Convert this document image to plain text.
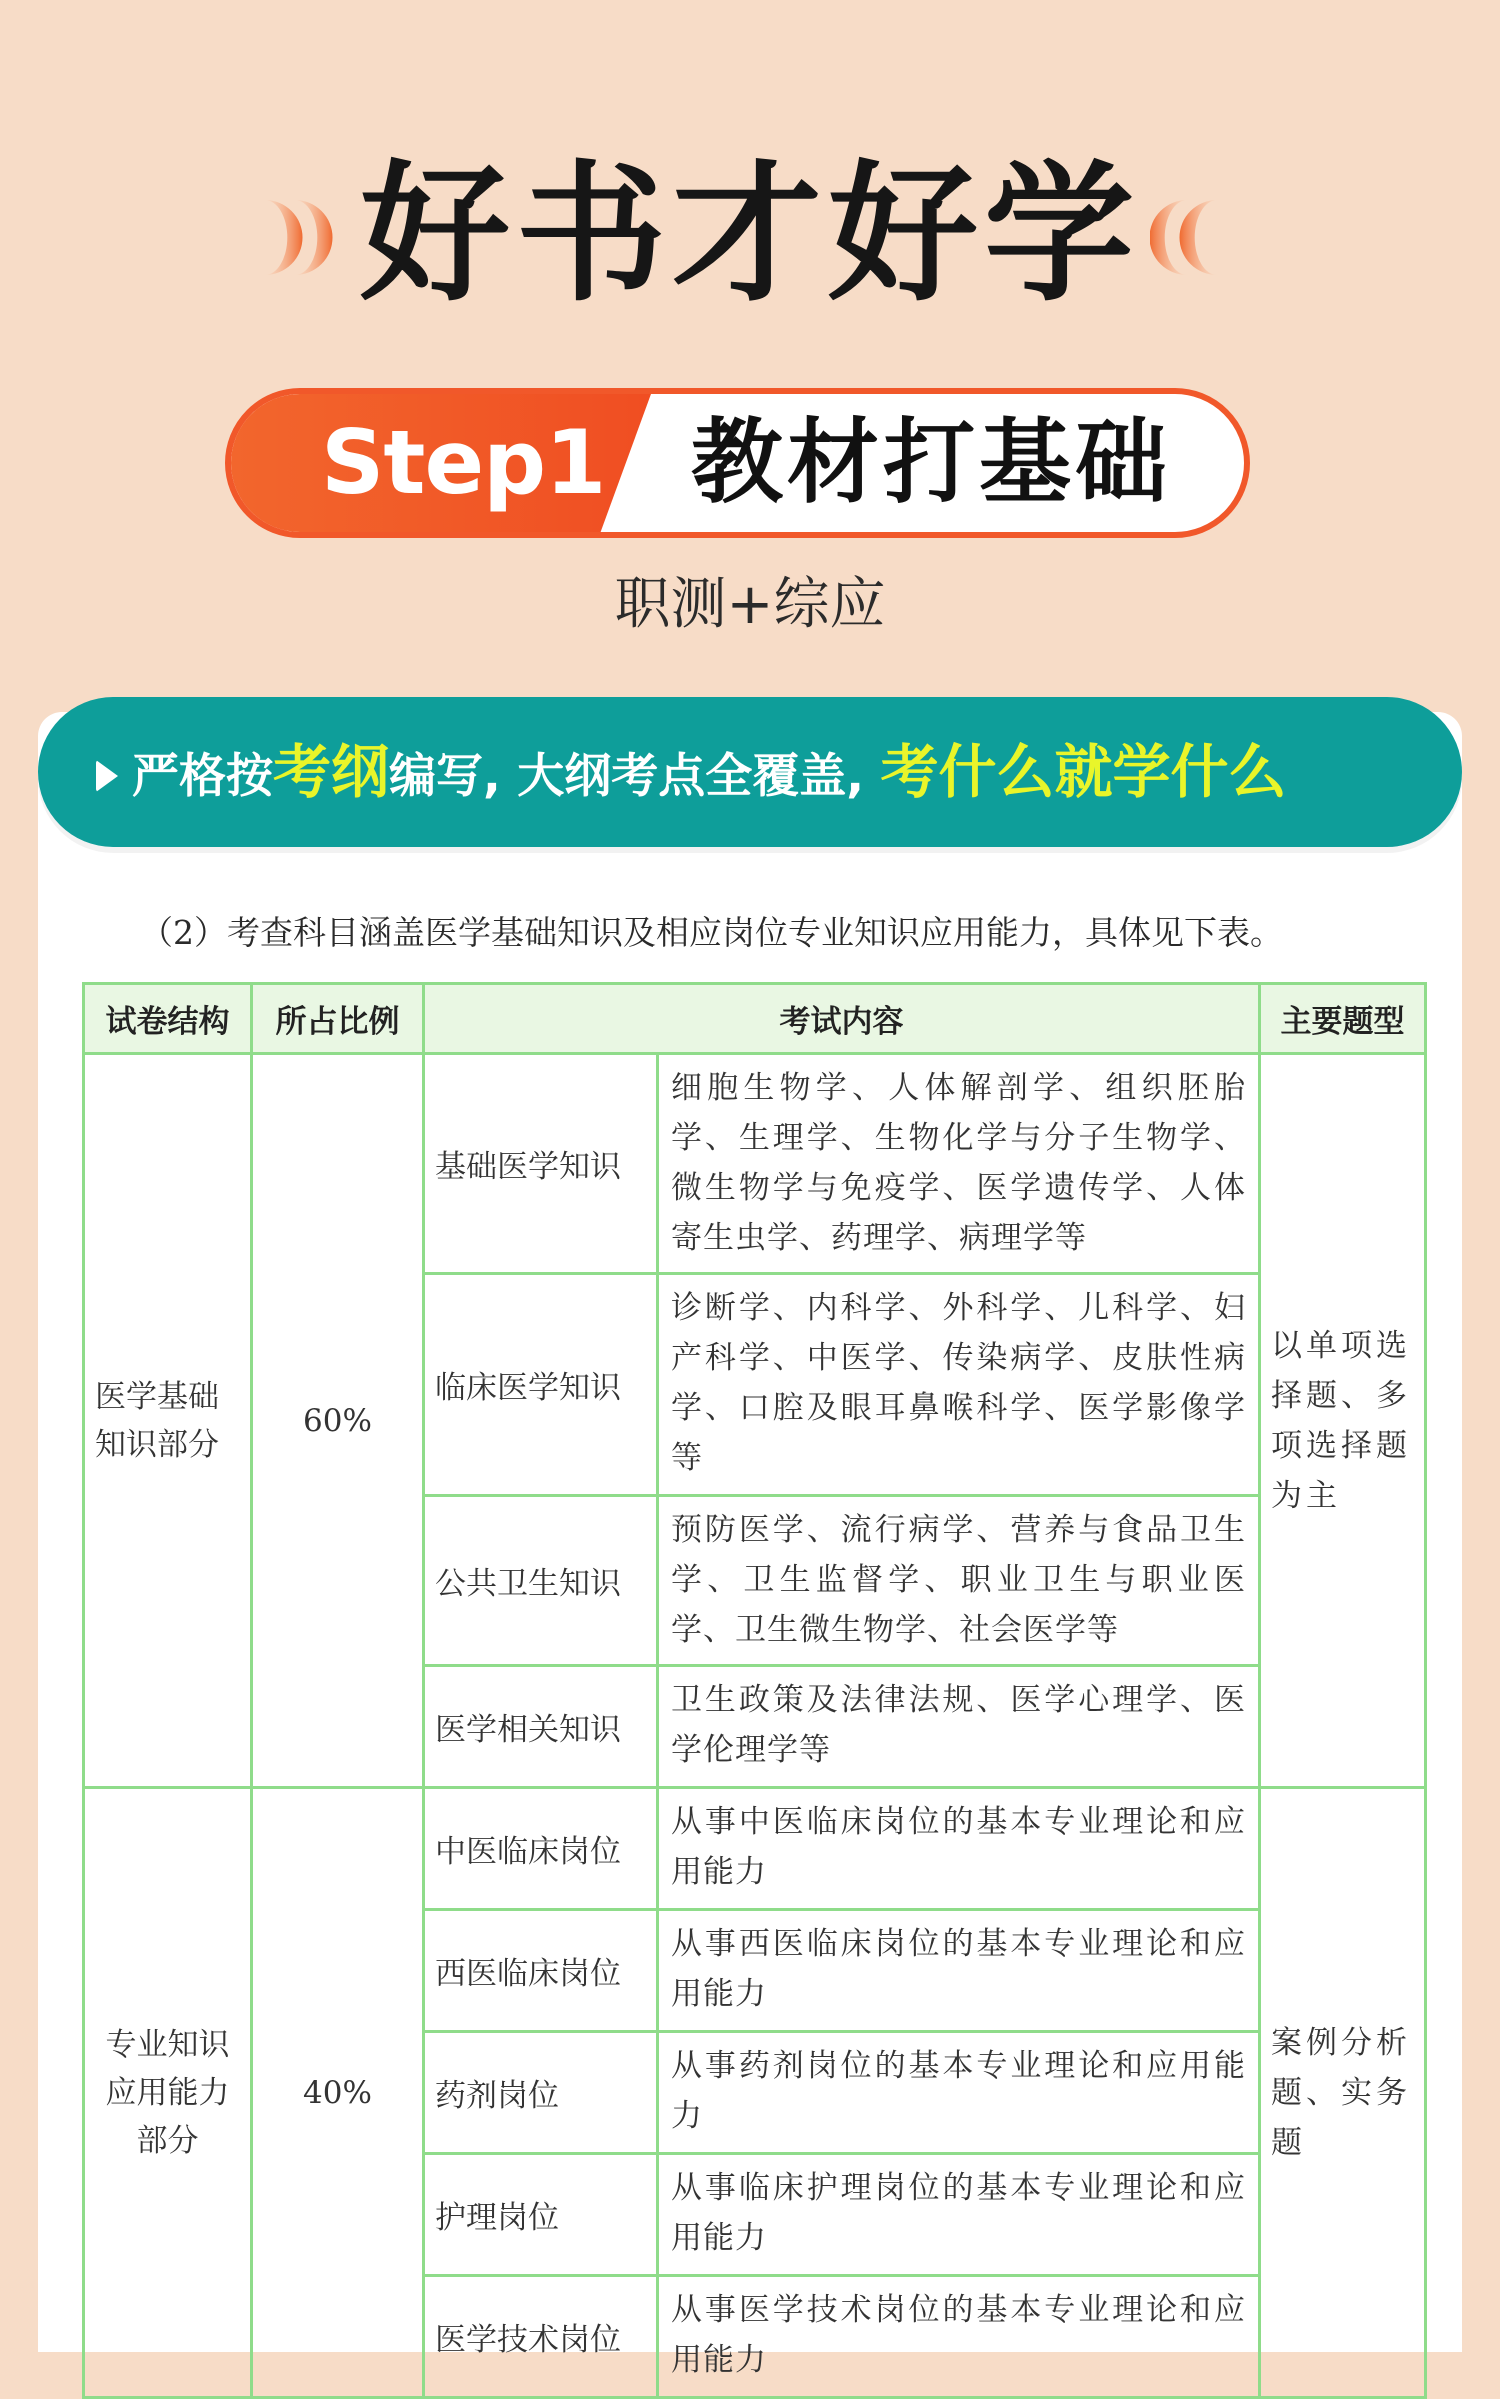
好书才好学
Step1 教材打基础
职测+综应
严格按考纲编写, 大纲考点全覆盖, 考什么就学什么
（2）考查科目涵盖医学基础知识及相应岗位专业知识应用能力，具体见下表。
试卷结构	所占比例	考试内容		主要题型
医学基础知识部分	60%	基础医学知识	细胞生物学、人体解剖学、组织胚胎学、生理学、生物化学与分子生物学、微生物学与免疫学、医学遗传学、人体寄生虫学、药理学、病理学等	以单项选择题、多项选择题为主
		临床医学知识	诊断学、内科学、外科学、儿科学、妇产科学、中医学、传染病学、皮肤性病学、口腔及眼耳鼻喉科学、医学影像学等	
		公共卫生知识	预防医学、流行病学、营养与食品卫生学、卫生监督学、职业卫生与职业医学、卫生微生物学、社会医学等	
		医学相关知识	卫生政策及法律法规、医学心理学、医学伦理学等	
专业知识应用能力部分	40%	中医临床岗位	从事中医临床岗位的基本专业理论和应用能力	案例分析题、实务题
		西医临床岗位	从事西医临床岗位的基本专业理论和应用能力	
		药剂岗位	从事药剂岗位的基本专业理论和应用能力	
		护理岗位	从事临床护理岗位的基本专业理论和应用能力	
		医学技术岗位	从事医学技术岗位的基本专业理论和应用能力	
